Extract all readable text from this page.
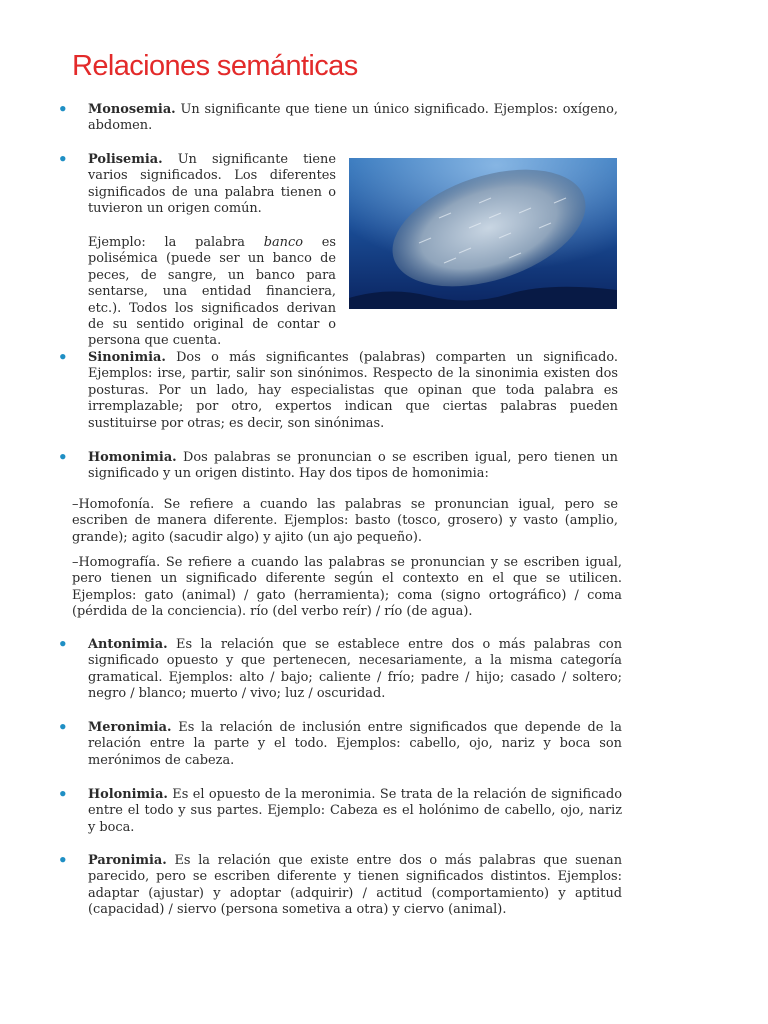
Relaciones semánticas
•	Monosemia. Un significante que tiene un único significado. Ejemplos: oxígeno, abdomen.
•	Polisemia. Un significante tiene varios significados. Los diferentes significados de una palabra tienen o tuvieron un origen común.
Ejemplo: la palabra banco es polisémica (puede ser un banco de peces, de sangre, un banco para sentarse, una entidad financiera, etc.). Todos los significados derivan de su sentido original de contar o persona que cuenta.
•	Sinonimia. Dos o más significantes (palabras) comparten un significado. Ejemplos: irse, partir, salir son sinónimos. Respecto de la sinonimia existen dos posturas. Por un lado, hay especialistas que opinan que toda palabra es irremplazable; por otro, expertos indican que ciertas palabras pueden sustituirse por otras; es decir, son sinónimas.
•	Homonimia. Dos palabras se pronuncian o se escriben igual, pero tienen un significado y un origen distinto. Hay dos tipos de homonimia:
–Homofonía. Se refiere a cuando las palabras se pronuncian igual, pero se escriben de manera diferente. Ejemplos: basto (tosco, grosero) y vasto (amplio, grande); agito (sacudir algo) y ajito (un ajo pequeño).
–Homografía. Se refiere a cuando las palabras se pronuncian y se escriben igual, pero tienen un significado diferente según el contexto en el que se utilicen. Ejemplos: gato (animal) / gato (herramienta); coma (signo ortográfico) / coma (pérdida de la conciencia). río (del verbo reír) / río (de agua).
•	Antonimia. Es la relación que se establece entre dos o más palabras con significado opuesto y que pertenecen, necesariamente, a la misma categoría gramatical. Ejemplos: alto / bajo; caliente / frío; padre / hijo; casado / soltero; negro / blanco; muerto / vivo; luz / oscuridad.
•	Meronimia. Es la relación de inclusión entre significados que depende de la relación entre la parte y el todo. Ejemplos: cabello, ojo, nariz y boca son merónimos de cabeza.
•	Holonimia. Es el opuesto de la meronimia. Se trata de la relación de significado entre el todo y sus partes. Ejemplo: Cabeza es el holónimo de cabello, ojo, nariz y boca.
•	Paronimia. Es la relación que existe entre dos o más palabras que suenan parecido, pero se escriben diferente y tienen significados distintos. Ejemplos: adaptar (ajustar) y adoptar (adquirir) / actitud (comportamiento) y aptitud (capacidad) / siervo (persona sometiva a otra) y ciervo (animal).
